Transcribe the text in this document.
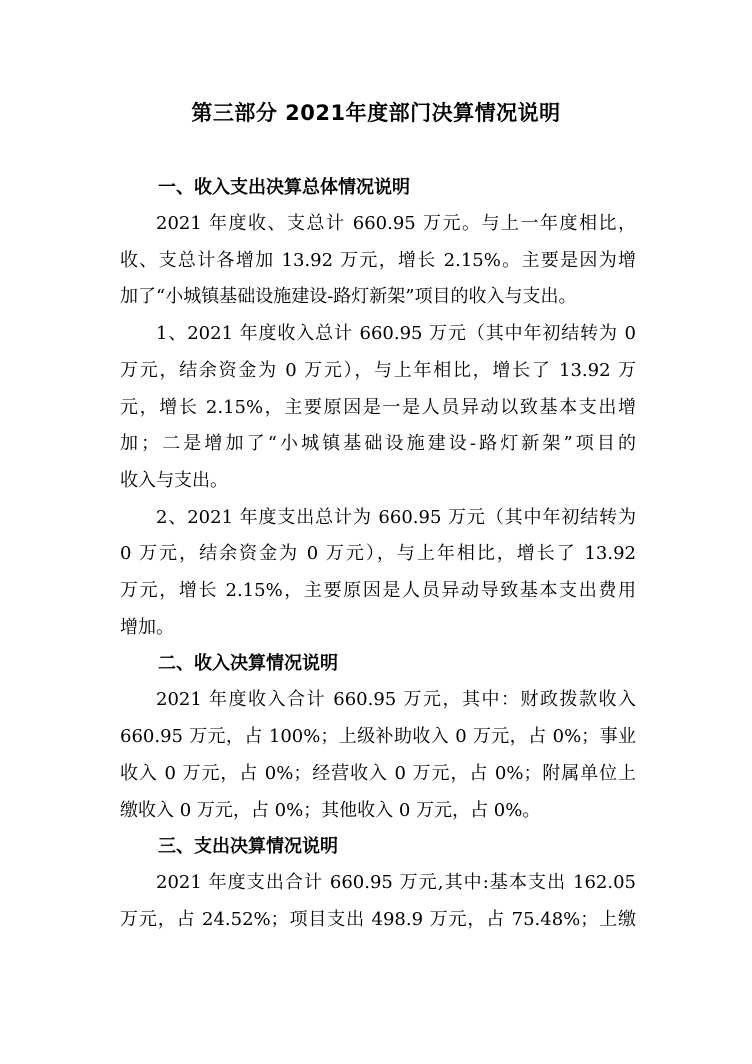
第三部分 2021年度部门决算情况说明
一、收入支出决算总体情况说明
2021 年度收、支总计 660.95 万元。与上一年度相比，
收、支总计各增加 13.92 万元，增长 2.15%。主要是因为增
加了“小城镇基础设施建设-路灯新架”项目的收入与支出。
1、2021 年度收入总计 660.95 万元（其中年初结转为 0
万元，结余资金为 0 万元），与上年相比，增长了 13.92 万
元，增长 2.15%，主要原因是一是人员异动以致基本支出增
加；二是增加了“小城镇基础设施建设-路灯新架”项目的
收入与支出。
2、2021 年度支出总计为 660.95 万元（其中年初结转为
0 万元，结余资金为 0 万元），与上年相比，增长了 13.92
万元，增长 2.15%，主要原因是人员异动导致基本支出费用
增加。
二、收入决算情况说明
2021 年度收入合计 660.95 万元，其中：财政拨款收入
660.95 万元，占 100%；上级补助收入 0 万元，占 0%；事业
收入 0 万元，占 0%；经营收入 0 万元，占 0%；附属单位上
缴收入 0 万元，占 0%；其他收入 0 万元，占 0%。
三、支出决算情况说明
2021 年度支出合计 660.95 万元,其中:基本支出 162.05
万元，占 24.52%；项目支出 498.9 万元，占 75.48%；上缴
